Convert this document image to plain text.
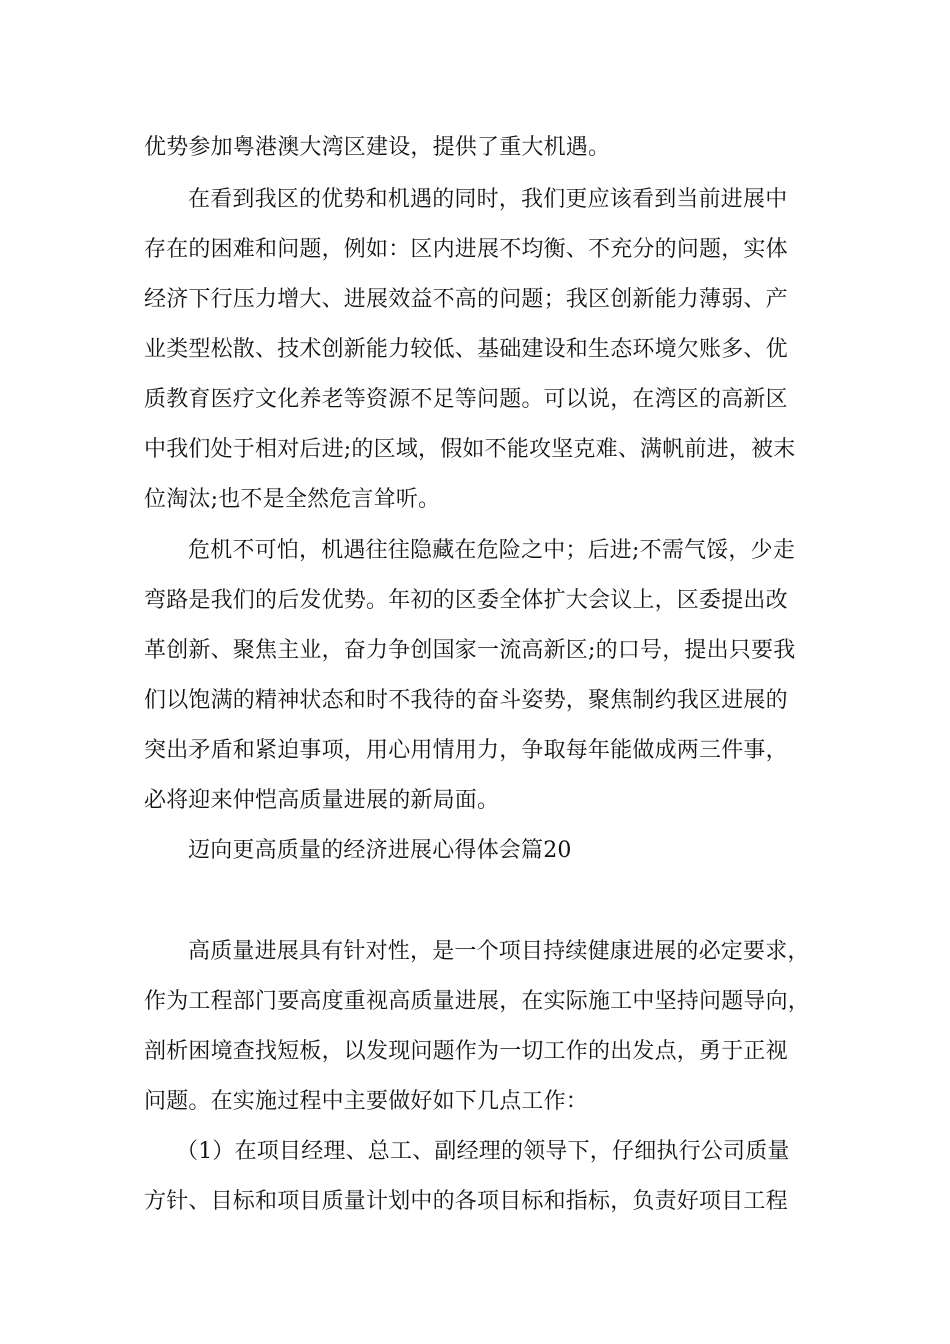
优势参加粤港澳大湾区建设，提供了重大机遇。
在看到我区的优势和机遇的同时，我们更应该看到当前进展中
存在的困难和问题，例如：区内进展不均衡、不充分的问题，实体
经济下行压力增大、进展效益不高的问题；我区创新能力薄弱、产
业类型松散、技术创新能力较低、基础建设和生态环境欠账多、优
质教育医疗文化养老等资源不足等问题。可以说，在湾区的高新区
中我们处于相对后进;的区域，假如不能攻坚克难、满帆前进，被末
位淘汰;也不是全然危言耸听。
危机不可怕，机遇往往隐藏在危险之中；后进;不需气馁，少走
弯路是我们的后发优势。年初的区委全体扩大会议上，区委提出改
革创新、聚焦主业，奋力争创国家一流高新区;的口号，提出只要我
们以饱满的精神状态和时不我待的奋斗姿势，聚焦制约我区进展的
突出矛盾和紧迫事项，用心用情用力，争取每年能做成两三件事，
必将迎来仲恺高质量进展的新局面。
迈向更高质量的经济进展心得体会篇20
高质量进展具有针对性，是一个项目持续健康进展的必定要求，
作为工程部门要高度重视高质量进展，在实际施工中坚持问题导向，
剖析困境查找短板，以发现问题作为一切工作的出发点，勇于正视
问题。在实施过程中主要做好如下几点工作：
（1）在项目经理、总工、副经理的领导下，仔细执行公司质量
方针、目标和项目质量计划中的各项目标和指标，负责好项目工程
